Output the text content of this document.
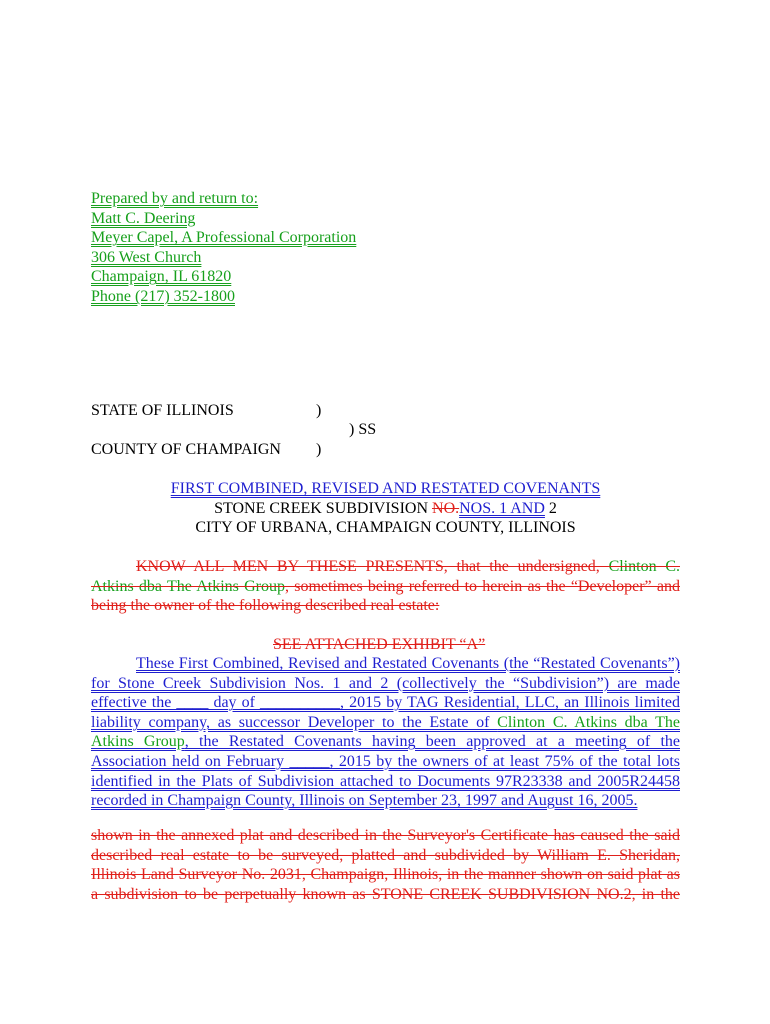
Prepared by and return to:
Matt C. Deering
Meyer Capel, A Professional Corporation
306 West Church
Champaign, IL 61820
Phone (217) 352-1800
STATE OF ILLINOIS	)
) SS
COUNTY OF CHAMPAIGN )
FIRST COMBINED, REVISED AND RESTATED COVENANTS
STONE CREEK SUBDIVISION NO.NOS. 1 AND 2
CITY OF URBANA, CHAMPAIGN COUNTY, ILLINOIS
KNOW ALL MEN BY THESE PRESENTS, that the undersigned, Clinton C.
Atkins dba The Atkins Group, sometimes being referred to herein as the “Developer” and
being the owner of the following described real estate:
SEE ATTACHED EXHIBIT “A”
These First Combined, Revised and Restated Covenants (the “Restated Covenants”)
for Stone Creek Subdivision Nos. 1 and 2 (collectively the “Subdivision”) are made
effective the ____ day of __________, 2015 by TAG Residential, LLC, an Illinois limited
liability company, as successor Developer to the Estate of Clinton C. Atkins dba The
Atkins Group, the Restated Covenants having been approved at a meeting of the
Association held on February _____, 2015 by the owners of at least 75% of the total lots
identified in the Plats of Subdivision attached to Documents 97R23338 and 2005R24458
recorded in Champaign County, Illinois on September 23, 1997 and August 16, 2005.
shown in the annexed plat and described in the Surveyor's Certificate has caused the said
described real estate to be surveyed, platted and subdivided by William E. Sheridan,
Illinois Land Surveyor No. 2031, Champaign, Illinois, in the manner shown on said plat as
a subdivision to be perpetually known as STONE CREEK SUBDIVISION NO.2, in the
